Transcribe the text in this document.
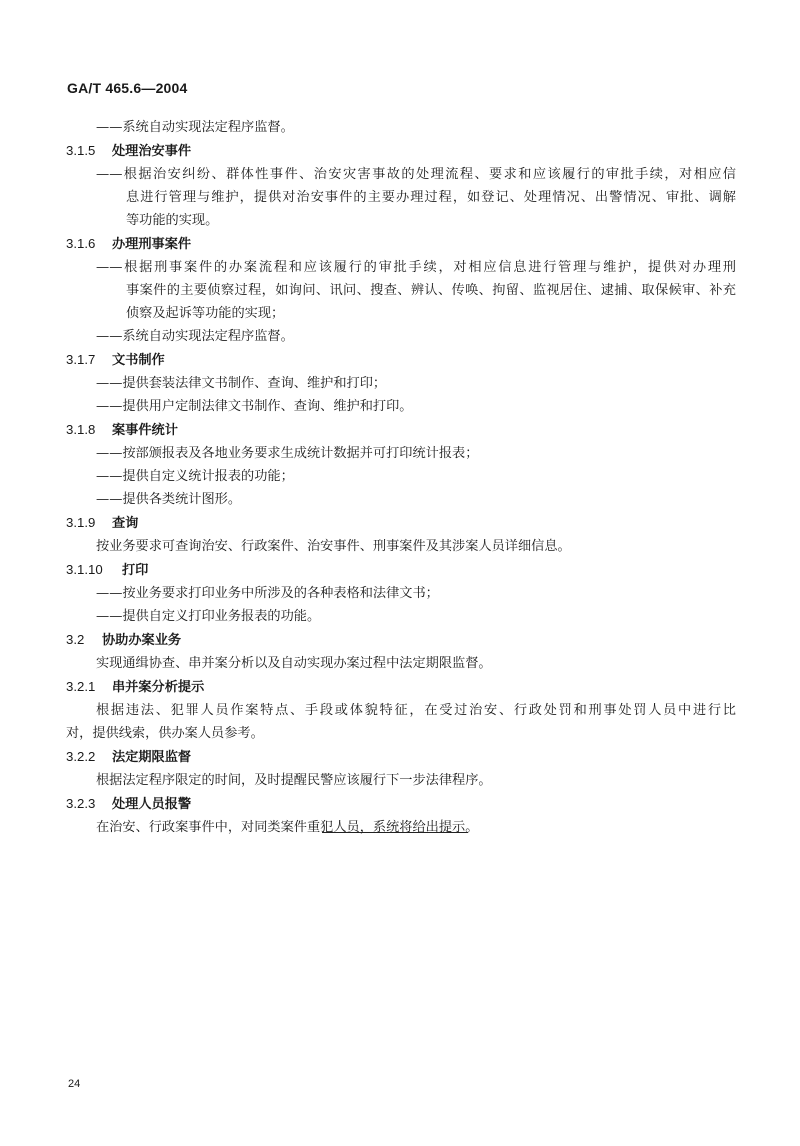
GA/T 465.6—2004
——系统自动实现法定程序监督。
3.1.5 处理治安事件
——根据治安纠纷、群体性事件、治安灾害事故的处理流程、要求和应该履行的审批手续，对相应信
息进行管理与维护，提供对治安事件的主要办理过程，如登记、处理情况、出警情况、审批、调解
等功能的实现。
3.1.6 办理刑事案件
——根据刑事案件的办案流程和应该履行的审批手续，对相应信息进行管理与维护，提供对办理刑
事案件的主要侦察过程，如询问、讯问、搜查、辨认、传唤、拘留、监视居住、逮捕、取保候审、补充
侦察及起诉等功能的实现；
——系统自动实现法定程序监督。
3.1.7 文书制作
——提供套装法律文书制作、查询、维护和打印；
——提供用户定制法律文书制作、查询、维护和打印。
3.1.8 案事件统计
——按部颁报表及各地业务要求生成统计数据并可打印统计报表；
——提供自定义统计报表的功能；
——提供各类统计图形。
3.1.9 查询
按业务要求可查询治安、行政案件、治安事件、刑事案件及其涉案人员详细信息。
3.1.10 打印
——按业务要求打印业务中所涉及的各种表格和法律文书；
——提供自定义打印业务报表的功能。
3.2 协助办案业务
实现通缉协查、串并案分析以及自动实现办案过程中法定期限监督。
3.2.1 串并案分析提示
根据违法、犯罪人员作案特点、手段或体貌特征，在受过治安、行政处罚和刑事处罚人员中进行比
对，提供线索，供办案人员参考。
3.2.2 法定期限监督
根据法定程序限定的时间，及时提醒民警应该履行下一步法律程序。
3.2.3 处理人员报警
在治安、行政案事件中，对同类案件重犯人员，系统将给出提示。
24
